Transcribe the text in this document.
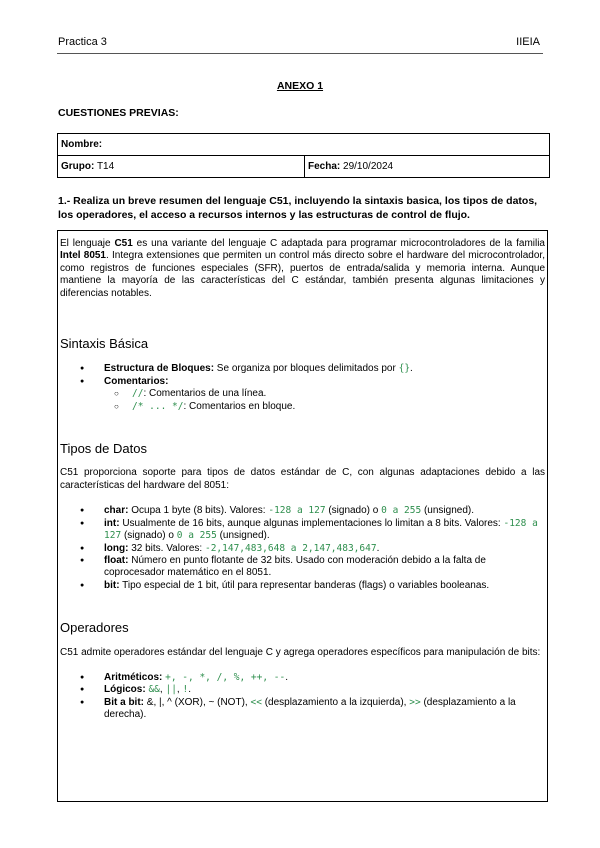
Practica 3	IIEIA
ANEXO 1
CUESTIONES PREVIAS:
Nombre:
Grupo: T14	Fecha: 29/10/2024
1.- Realiza un breve resumen del lenguaje C51, incluyendo la sintaxis basica, los tipos de datos, los operadores, el acceso a recursos internos y las estructuras de control de flujo.

El lenguaje C51 es una variante del lenguaje C adaptada para programar microcontroladores de la familia Intel 8051. Integra extensiones que permiten un control más directo sobre el hardware del microcontrolador, como registros de funciones especiales (SFR), puertos de entrada/salida y memoria interna. Aunque mantiene la mayoría de las características del C estándar, también presenta algunas limitaciones y diferencias notables.

Sintaxis Básica

● Estructura de Bloques: Se organiza por bloques delimitados por {}.
● Comentarios:
○ //: Comentarios de una línea.
○ /* ... */: Comentarios en bloque.

Tipos de Datos

C51 proporciona soporte para tipos de datos estándar de C, con algunas adaptaciones debido a las características del hardware del 8051:

● char: Ocupa 1 byte (8 bits). Valores: -128 a 127 (signado) o 0 a 255 (unsigned).
● int: Usualmente de 16 bits, aunque algunas implementaciones lo limitan a 8 bits. Valores: -128 a 127 (signado) o 0 a 255 (unsigned).
● long: 32 bits. Valores: -2,147,483,648 a 2,147,483,647.
● float: Número en punto flotante de 32 bits. Usado con moderación debido a la falta de coprocesador matemático en el 8051.
● bit: Tipo especial de 1 bit, útil para representar banderas (flags) o variables booleanas.

Operadores

C51 admite operadores estándar del lenguaje C y agrega operadores específicos para manipulación de bits:

● Aritméticos: +, -, *, /, %, ++, --.
● Lógicos: &&, ||, !.
● Bit a bit: &, |, ^ (XOR), ~ (NOT), << (desplazamiento a la izquierda), >> (desplazamiento a la derecha).
